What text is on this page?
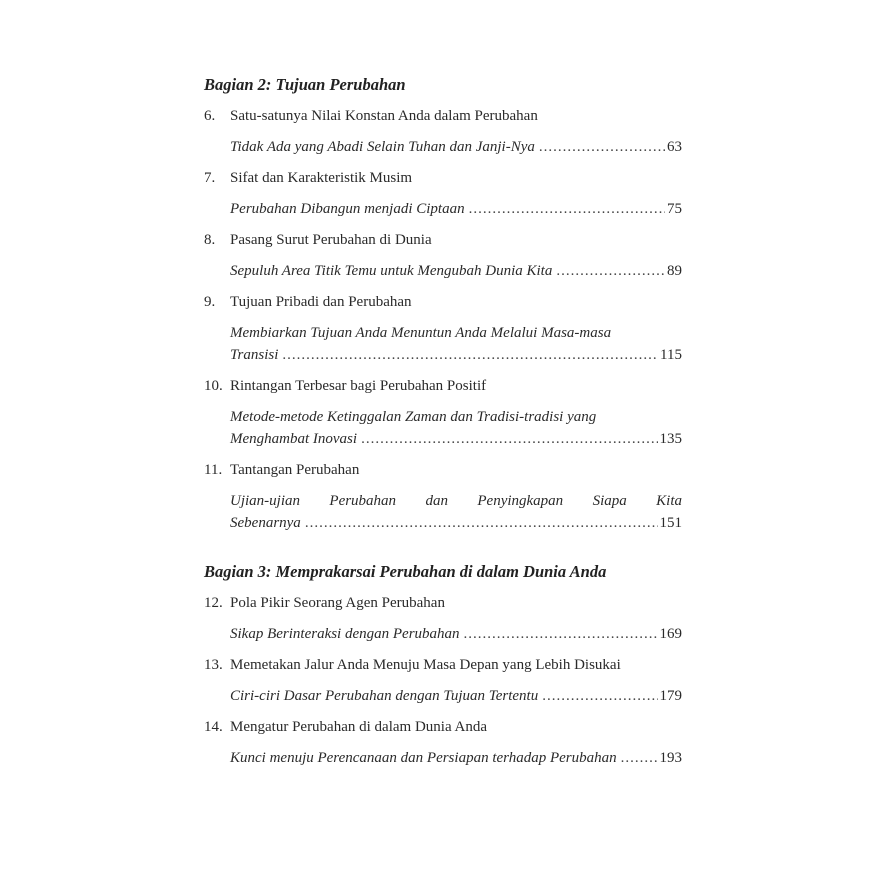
Bagian 2: Tujuan Perubahan
6. Satu-satunya Nilai Konstan Anda dalam Perubahan
Tidak Ada yang Abadi Selain Tuhan dan Janji-Nya .....	63
7. Sifat dan Karakteristik Musim
Perubahan Dibangun menjadi Ciptaan .....	75
8. Pasang Surut Perubahan di Dunia
Sepuluh Area Titik Temu untuk Mengubah Dunia Kita .....	89
9. Tujuan Pribadi dan Perubahan
Membiarkan Tujuan Anda Menuntun Anda Melalui Masa-masa
Transisi .....	115
10. Rintangan Terbesar bagi Perubahan Positif
Metode-metode Ketinggalan Zaman dan Tradisi-tradisi yang
Menghambat Inovasi .....	135
11. Tantangan Perubahan
Ujian-ujian Perubahan dan Penyingkapan Siapa Kita
Sebenarnya .....	151
Bagian 3: Memprakarsai Perubahan di dalam Dunia Anda
12. Pola Pikir Seorang Agen Perubahan
Sikap Berinteraksi dengan Perubahan .....	169
13. Memetakan Jalur Anda Menuju Masa Depan yang Lebih Disukai
Ciri-ciri Dasar Perubahan dengan Tujuan Tertentu .....	179
14. Mengatur Perubahan di dalam Dunia Anda
Kunci menuju Perencanaan dan Persiapan terhadap Perubahan .....	193
